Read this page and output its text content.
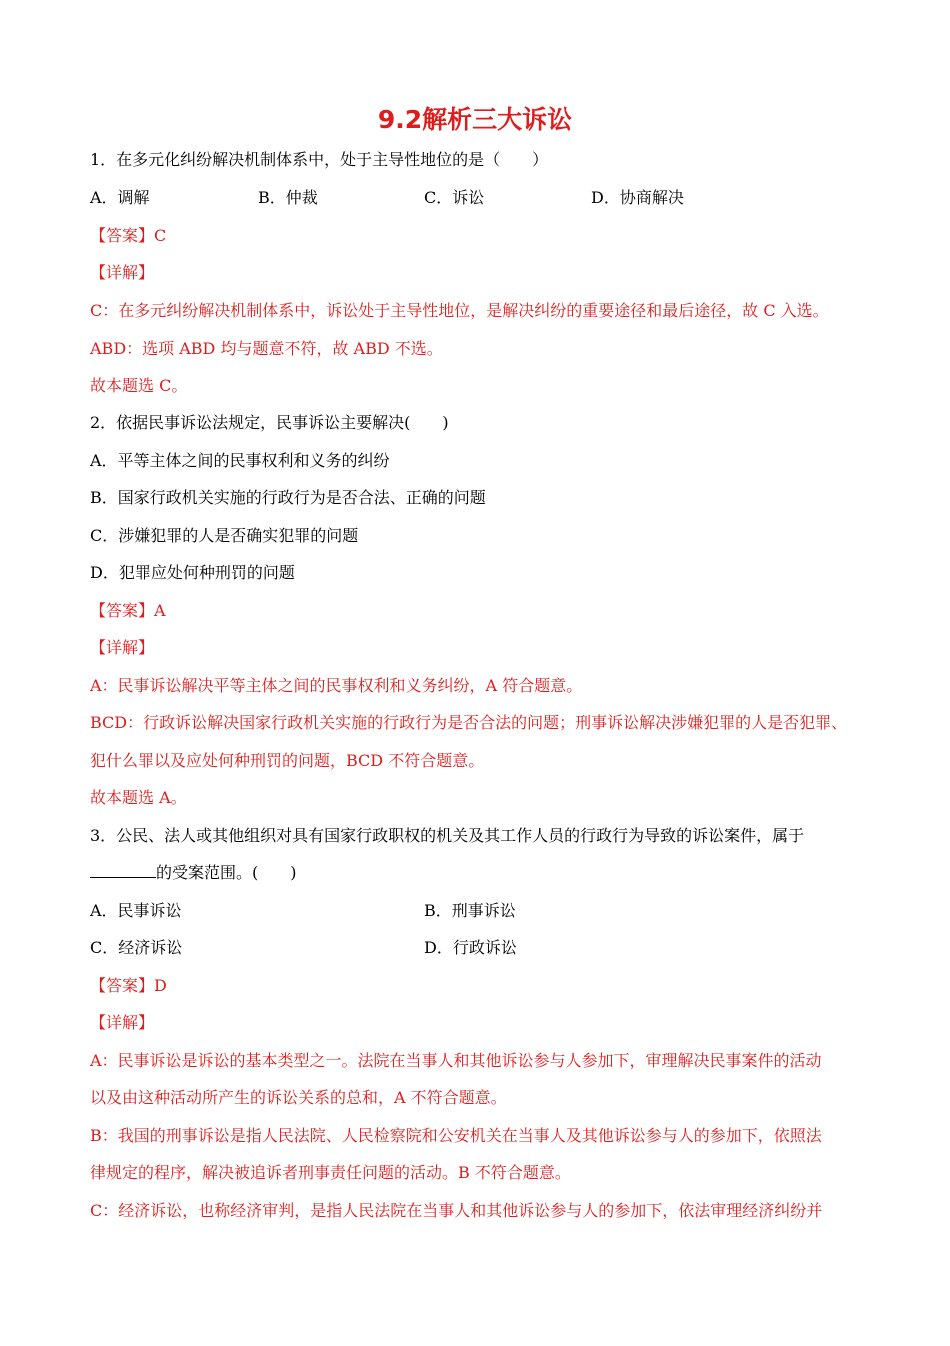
9.2解析三大诉讼
1．在多元化纠纷解决机制体系中，处于主导性地位的是（　　）
A．调解	B．仲裁	C．诉讼	D．协商解决
【答案】C
【详解】
C：在多元纠纷解决机制体系中，诉讼处于主导性地位，是解决纠纷的重要途径和最后途径，故 C 入选。
ABD：选项 ABD 均与题意不符，故 ABD 不选。
故本题选 C。
2．依据民事诉讼法规定，民事诉讼主要解决(　　)
A．平等主体之间的民事权利和义务的纠纷
B．国家行政机关实施的行政行为是否合法、正确的问题
C．涉嫌犯罪的人是否确实犯罪的问题
D．犯罪应处何种刑罚的问题
【答案】A
【详解】
A：民事诉讼解决平等主体之间的民事权利和义务纠纷，A 符合题意。
BCD：行政诉讼解决国家行政机关实施的行政行为是否合法的问题；刑事诉讼解决涉嫌犯罪的人是否犯罪、
犯什么罪以及应处何种刑罚的问题，BCD 不符合题意。
故本题选 A。
3．公民、法人或其他组织对具有国家行政职权的机关及其工作人员的行政行为导致的诉讼案件，属于
的受案范围。(　　)
A．民事诉讼	B．刑事诉讼
C．经济诉讼	D．行政诉讼
【答案】D
【详解】
A：民事诉讼是诉讼的基本类型之一。法院在当事人和其他诉讼参与人参加下，审理解决民事案件的活动
以及由这种活动所产生的诉讼关系的总和，A 不符合题意。
B：我国的刑事诉讼是指人民法院、人民检察院和公安机关在当事人及其他诉讼参与人的参加下，依照法
律规定的程序，解决被追诉者刑事责任问题的活动。B 不符合题意。
C：经济诉讼，也称经济审判，是指人民法院在当事人和其他诉讼参与人的参加下，依法审理经济纠纷并
